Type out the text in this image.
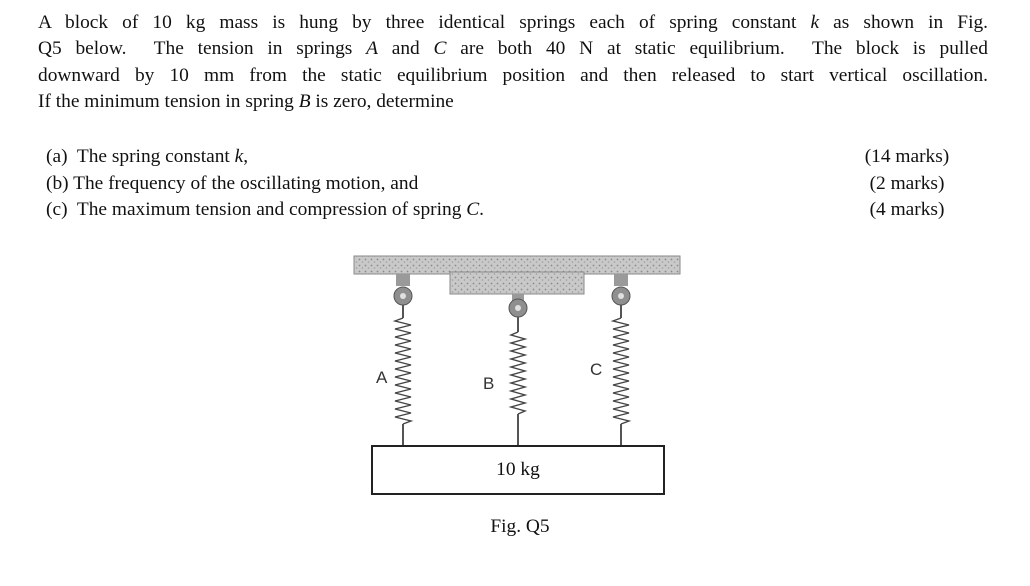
A block of 10 kg mass is hung by three identical springs each of spring constant k as shown in Fig.
Q5 below.  The tension in springs A and C are both 40 N at static equilibrium.  The block is pulled
downward by 10 mm from the static equilibrium position and then released to start vertical oscillation.
If the minimum tension in spring B is zero, determine
(a)  The spring constant k,	(14 marks)
(b) The frequency of the oscillating motion, and	(2 marks)
(c)  The maximum tension and compression of spring C.	(4 marks)
A	B
C
10 kg
Fig. Q5
